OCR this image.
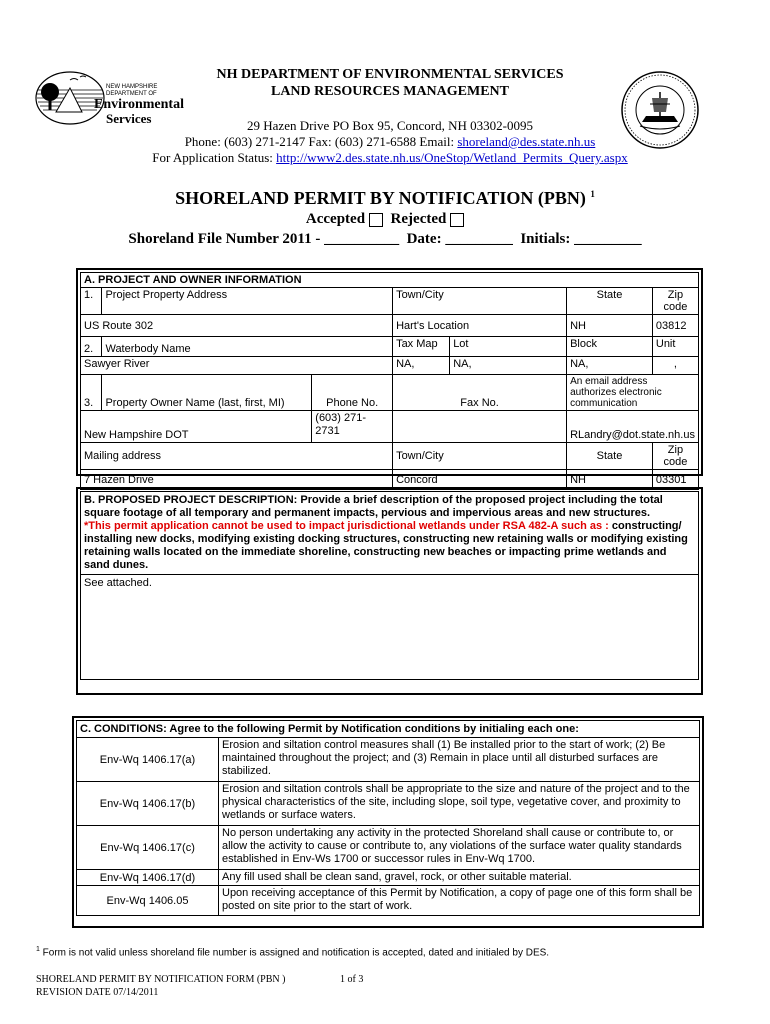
NEW HAMPSHIRE
DEPARTMENT OF
Environmental
Services
NH DEPARTMENT OF ENVIRONMENTAL SERVICES
LAND RESOURCES MANAGEMENT
29 Hazen Drive PO Box 95, Concord, NH 03302-0095
Phone: (603) 271-2147 Fax: (603) 271-6588 Email: shoreland@des.state.nh.us
For Application Status: http://www2.des.state.nh.us/OneStop/Wetland_Permits_Query.aspx
SHORELAND PERMIT BY NOTIFICATION (PBN) $^1$
Accepted Rejected
Shoreland File Number 2011 - __________  Date: _________  Initials: _________
A. PROJECT AND OWNER INFORMATION						
1.	Project Property Address		Town/City		State	Zip code
US Route 302			Hart's Location		NH	03812
2.	Waterbody Name		Tax Map	Lot	Block	Unit
Sawyer River			NA,	NA,	NA,	,
3.	Property Owner Name (last, first, MI)	Phone No.	Fax No.		An email address authorizes electronic communication	
New Hampshire DOT		(603) 271-2731			RLandry@dot.state.nh.us	
Mailing address			Town/City		State	Zip code
7 Hazen Drive			Concord		NH	03301
B. PROPOSED PROJECT DESCRIPTION: Provide a brief description of the proposed project including the total square footage of all temporary and permanent impacts, pervious and impervious areas and new structures.
*This permit application cannot be used to impact jurisdictional wetlands under RSA 482-A such as : constructing/ installing new docks, modifying existing docking structures, constructing new retaining walls or modifying existing retaining walls located on the immediate shoreline, constructing new beaches or impacting prime wetlands and sand dunes.
See attached.
C. CONDITIONS: Agree to the following Permit by Notification conditions by initialing each one:	
Env-Wq 1406.17(a)	Erosion and siltation control measures shall (1) Be installed prior to the start of work; (2) Be maintained throughout the project; and (3) Remain in place until all disturbed surfaces are stabilized.
Env-Wq 1406.17(b)	Erosion and siltation controls shall be appropriate to the size and nature of the project and to the physical characteristics of the site, including slope, soil type, vegetative cover, and proximity to wetlands or surface waters.
Env-Wq 1406.17(c)	No person undertaking any activity in the protected Shoreland shall cause or contribute to, or allow the activity to cause or contribute to, any violations of the surface water quality standards established in Env-Ws 1700 or successor rules in Env-Wq 1700.
Env-Wq 1406.17(d)	Any fill used shall be clean sand, gravel, rock, or other suitable material.
Env-Wq 1406.05	Upon receiving acceptance of this Permit by Notification, a copy of page one of this form shall be posted on site prior to the start of work.
$^1$ Form is not valid unless shoreland file number is assigned and notification is accepted, dated and initialed by DES.
SHORELAND PERMIT BY NOTIFICATION FORM (PBN )	1 of 3
REVISION DATE 07/14/2011
